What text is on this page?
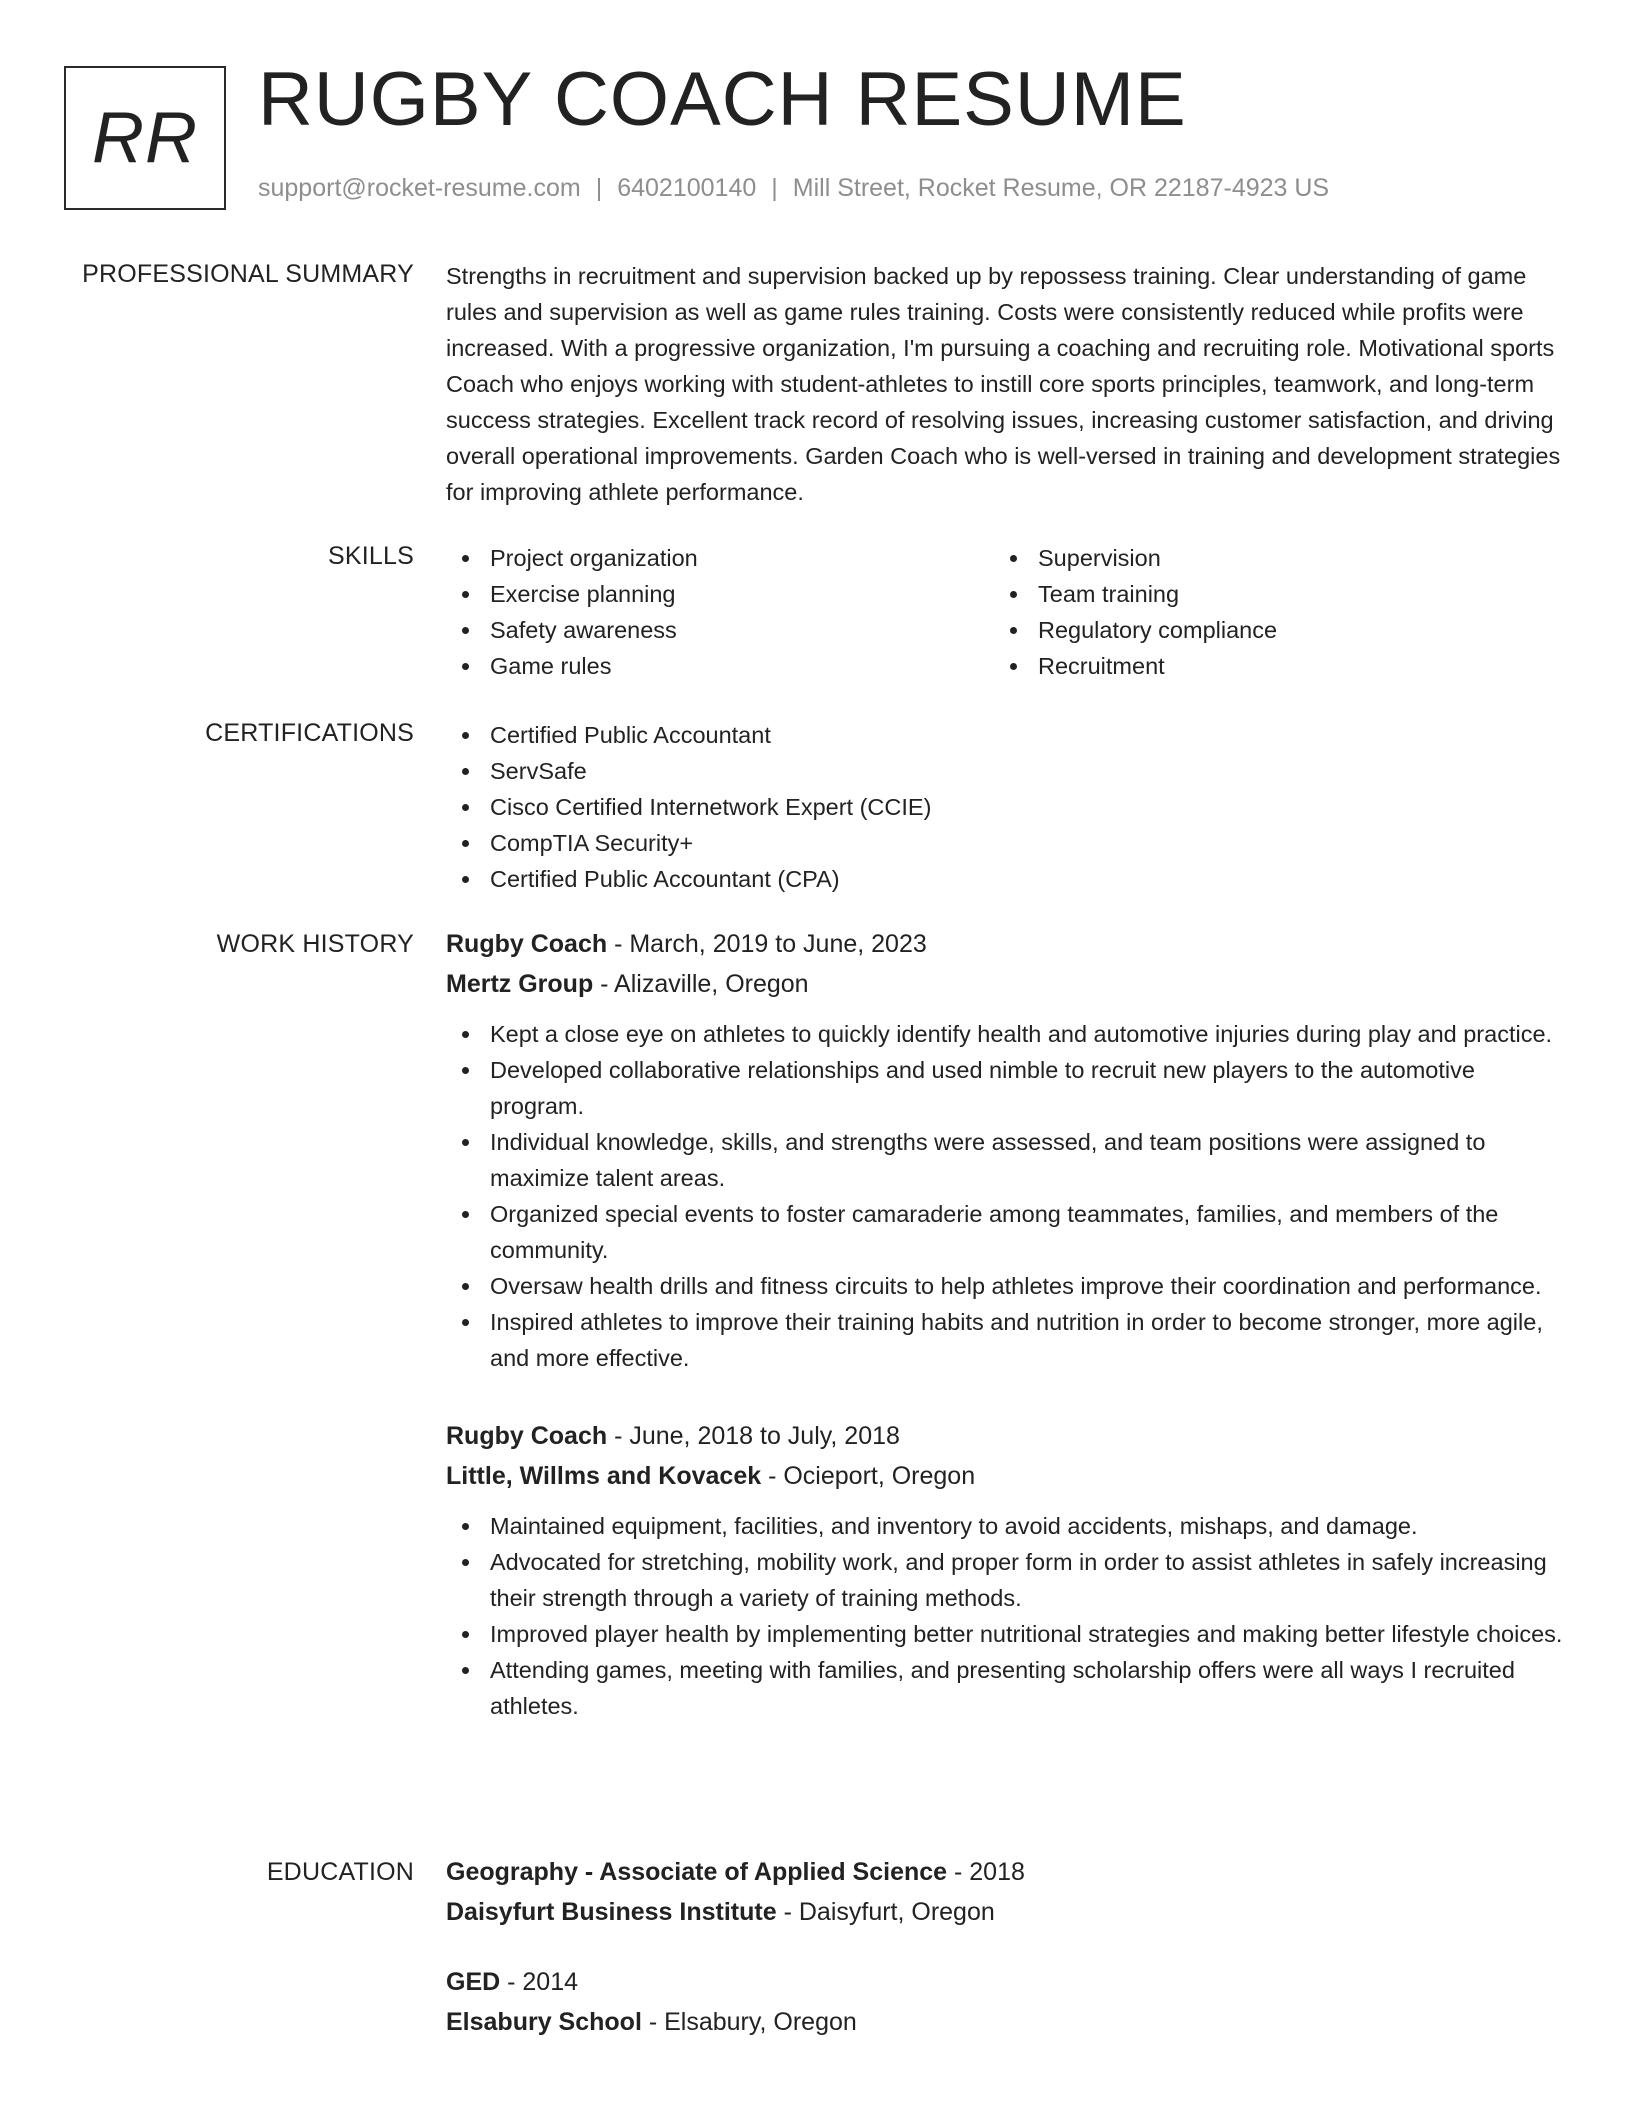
RR RUGBY COACH RESUME
support@rocket-resume.com | 6402100140 | Mill Street, Rocket Resume, OR 22187-4923 US
PROFESSIONAL SUMMARY Strengths in recruitment and supervision backed up by repossess training. Clear understanding of game rules and supervision as well as game rules training. Costs were consistently reduced while profits were increased. With a progressive organization, I'm pursuing a coaching and recruiting role. Motivational sports Coach who enjoys working with student-athletes to instill core sports principles, teamwork, and long-term success strategies. Excellent track record of resolving issues, increasing customer satisfaction, and driving overall operational improvements. Garden Coach who is well-versed in training and development strategies for improving athlete performance.

SKILLS	Project organization
Exercise planning
Safety awareness
Game rules
Supervision
Team training
Regulatory compliance
Recruitment
CERTIFICATIONS	Certified Public Accountant
ServSafe
Cisco Certified Internetwork Expert (CCIE)
CompTIA Security+
Certified Public Accountant (CPA)
WORK HISTORY Rugby Coach - March, 2019 to June, 2023
Mertz Group - Alizaville, Oregon
Kept a close eye on athletes to quickly identify health and automotive injuries during play and practice.
Developed collaborative relationships and used nimble to recruit new players to the automotive program.
Individual knowledge, skills, and strengths were assessed, and team positions were assigned to maximize talent areas.
Organized special events to foster camaraderie among teammates, families, and members of the community.
Oversaw health drills and fitness circuits to help athletes improve their coordination and performance.
Inspired athletes to improve their training habits and nutrition in order to become stronger, more agile, and more effective.
Rugby Coach - June, 2018 to July, 2018
Little, Willms and Kovacek - Ocieport, Oregon
Maintained equipment, facilities, and inventory to avoid accidents, mishaps, and damage.
Advocated for stretching, mobility work, and proper form in order to assist athletes in safely increasing their strength through a variety of training methods.
Improved player health by implementing better nutritional strategies and making better lifestyle choices.
Attending games, meeting with families, and presenting scholarship offers were all ways I recruited athletes.
EDUCATION Geography - Associate of Applied Science - 2018
Daisyfurt Business Institute - Daisyfurt, Oregon
GED - 2014
Elsabury School - Elsabury, Oregon
